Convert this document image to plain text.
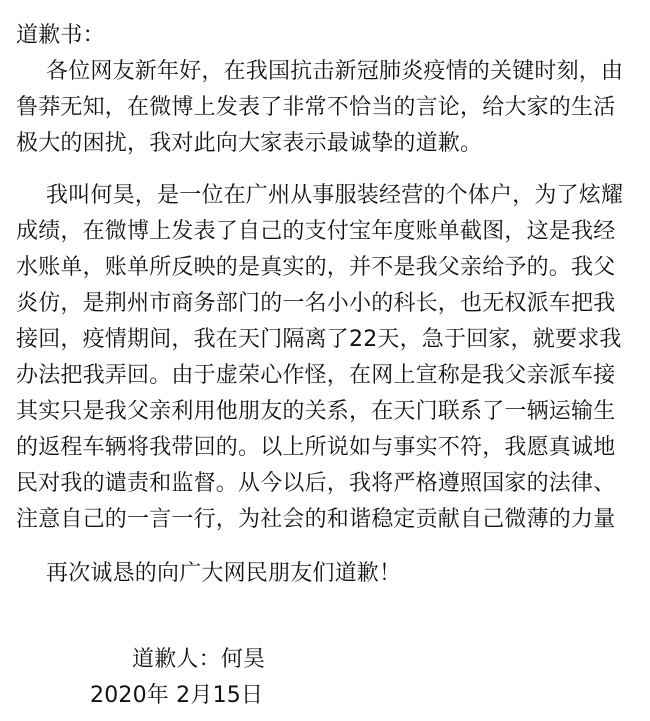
道歉书：
各位网友新年好，在我国抗击新冠肺炎疫情的关键时刻，由
鲁莽无知，在微博上发表了非常不恰当的言论，给大家的生活
极大的困扰，我对此向大家表示最诚挚的道歉。
我叫何昊，是一位在广州从事服装经营的个体户，为了炫耀
成绩，在微博上发表了自己的支付宝年度账单截图，这是我经
水账单，账单所反映的是真实的，并不是我父亲给予的。我父
炎仿，是荆州市商务部门的一名小小的科长，也无权派车把我
接回，疫情期间，我在天门隔离了22天，急于回家，就要求我
办法把我弄回。由于虚荣心作怪，在网上宣称是我父亲派车接
其实只是我父亲利用他朋友的关系，在天门联系了一辆运输生
的返程车辆将我带回的。以上所说如与事实不符，我愿真诚地
民对我的谴责和监督。从今以后，我将严格遵照国家的法律、
注意自己的一言一行，为社会的和谐稳定贡献自己微薄的力量
再次诚恳的向广大网民朋友们道歉！
道歉人：何昊
2020年 2月15日
